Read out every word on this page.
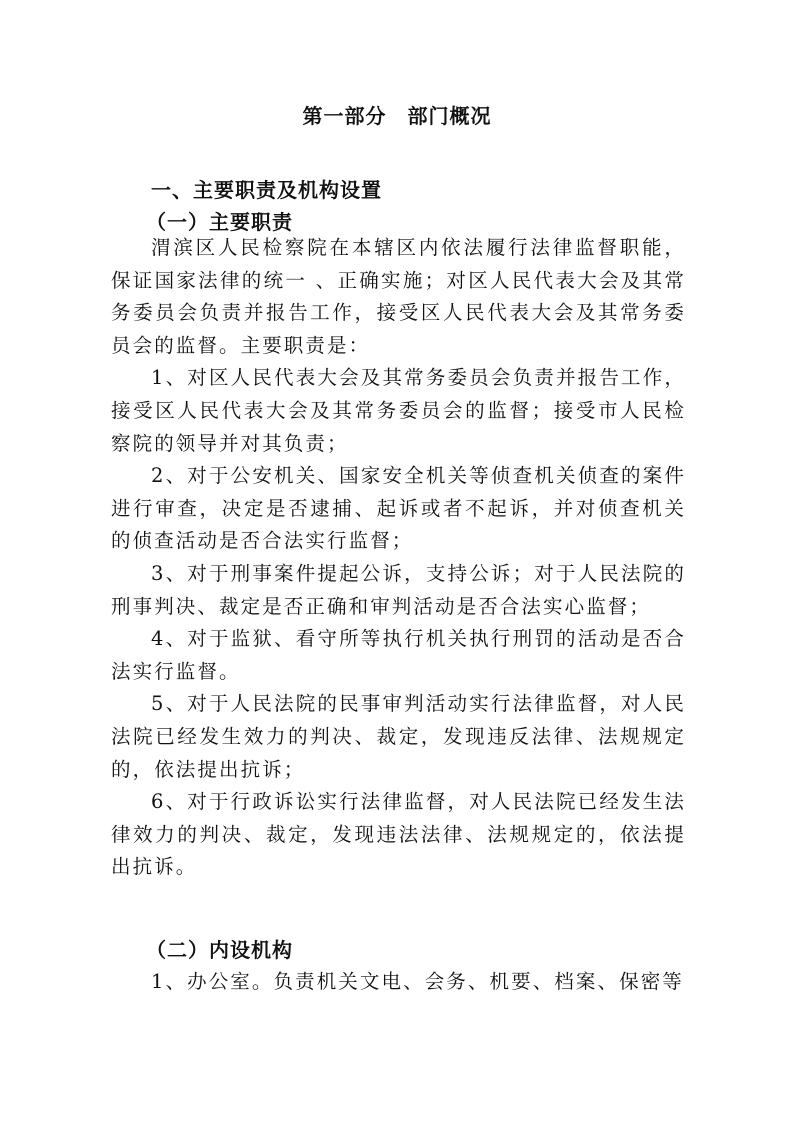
第一部分　部门概况
一、主要职责及机构设置
（一）主要职责

渭滨区人民检察院在本辖区内依法履行法律监督职能，保证国家法律的统一 、正确实施；对区人民代表大会及其常务委员会负责并报告工作，接受区人民代表大会及其常务委员会的监督。主要职责是：

1、对区人民代表大会及其常务委员会负责并报告工作，接受区人民代表大会及其常务委员会的监督；接受市人民检察院的领导并对其负责；

2、对于公安机关、国家安全机关等侦查机关侦查的案件进行审查，决定是否逮捕、起诉或者不起诉，并对侦查机关的侦查活动是否合法实行监督；

3、对于刑事案件提起公诉，支持公诉；对于人民法院的刑事判决、裁定是否正确和审判活动是否合法实心监督；

4、对于监狱、看守所等执行机关执行刑罚的活动是否合法实行监督。

5、对于人民法院的民事审判活动实行法律监督，对人民法院已经发生效力的判决、裁定，发现违反法律、法规规定的，依法提出抗诉；

6、对于行政诉讼实行法律监督，对人民法院已经发生法律效力的判决、裁定，发现违法法律、法规规定的，依法提出抗诉。

（二）内设机构

1、办公室。负责机关文电、会务、机要、档案、保密等
